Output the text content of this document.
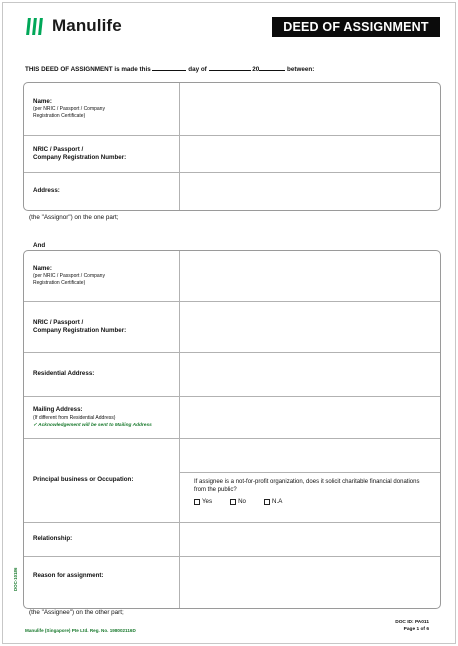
Manulife	DEED OF ASSIGNMENT
THIS DEED OF ASSIGNMENT is made this	day of	20	between:
Name:
(per NRIC / Passport / Company
Registration Certificate)
NRIC / Passport /
Company Registration Number:
Address:
(the "Assignor") on the one part;
And
Name:
(per NRIC / Passport / Company
Registration Certificate)
NRIC / Passport /
Company Registration Number:
Residential Address:
Mailing Address:
(If different from Residential Address)
✓ Acknowledgement will be sent to Mailing Address
Principal business or Occupation:	If assignee is a not-for-profit organization, does it solicit charitable financial donations from the public?
Yes	No	N.A
Relationship:
Reason for assignment:
(the "Assignee") on the other part;
DOC-10186
Manulife (Singapore) Pte Ltd. Reg. No. 198002116D
DOC ID: PA011
Page 1 of 6
